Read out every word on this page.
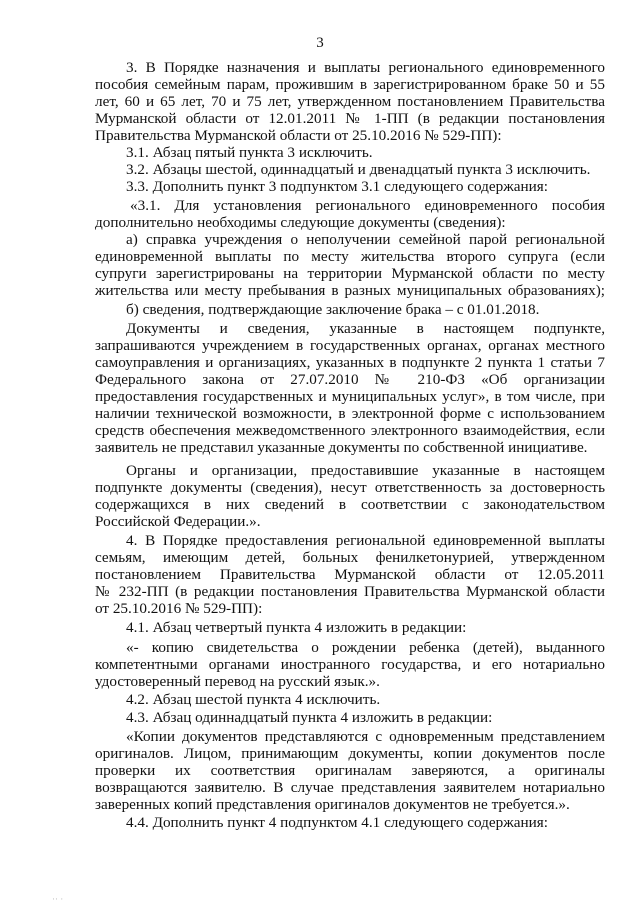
3
3. В Порядке назначения и выплаты регионального единовременного
пособия семейным парам, прожившим в зарегистрированном браке 50 и 55
лет, 60 и 65 лет, 70 и 75 лет, утвержденном постановлением Правительства
Мурманской области от 12.01.2011 № 1-ПП (в редакции постановления
Правительства Мурманской области от 25.10.2016 № 529-ПП):
3.1. Абзац пятый пункта 3 исключить.
3.2. Абзацы шестой, одиннадцатый и двенадцатый пункта 3 исключить.
3.3. Дополнить пункт 3 подпунктом 3.1 следующего содержания:
«3.1. Для установления регионального единовременного пособия
дополнительно необходимы следующие документы (сведения):
а) справка учреждения о неполучении семейной парой региональной
единовременной выплаты по месту жительства второго супруга (если
супруги зарегистрированы на территории Мурманской области по месту
жительства или месту пребывания в разных муниципальных образованиях);
б) сведения, подтверждающие заключение брака – с 01.01.2018.
Документы и сведения, указанные в настоящем подпункте,
запрашиваются учреждением в государственных органах, органах местного
самоуправления и организациях, указанных в подпункте 2 пункта 1 статьи 7
Федерального закона от 27.07.2010 № 210-ФЗ «Об организации
предоставления государственных и муниципальных услуг», в том числе, при
наличии технической возможности, в электронной форме с использованием
средств обеспечения межведомственного электронного взаимодействия, если
заявитель не представил указанные документы по собственной инициативе.
Органы и организации, предоставившие указанные в настоящем
подпункте документы (сведения), несут ответственность за достоверность
содержащихся в них сведений в соответствии с законодательством
Российской Федерации.».
4. В Порядке предоставления региональной единовременной выплаты
семьям, имеющим детей, больных фенилкетонурией, утвержденном
постановлением Правительства Мурманской области от 12.05.2011
№ 232-ПП (в редакции постановления Правительства Мурманской области
от 25.10.2016 № 529-ПП):
4.1. Абзац четвертый пункта 4 изложить в редакции:
«- копию свидетельства о рождении ребенка (детей), выданного
компетентными органами иностранного государства, и его нотариально
удостоверенный перевод на русский язык.».
4.2. Абзац шестой пункта 4 исключить.
4.3. Абзац одиннадцатый пункта 4 изложить в редакции:
«Копии документов представляются с одновременным представлением
оригиналов. Лицом, принимающим документы, копии документов после
проверки их соответствия оригиналам заверяются, а оригиналы
возвращаются заявителю. В случае представления заявителем нотариально
заверенных копий представления оригиналов документов не требуется.».
4.4. Дополнить пункт 4 подпунктом 4.1 следующего содержания:
·· ·
